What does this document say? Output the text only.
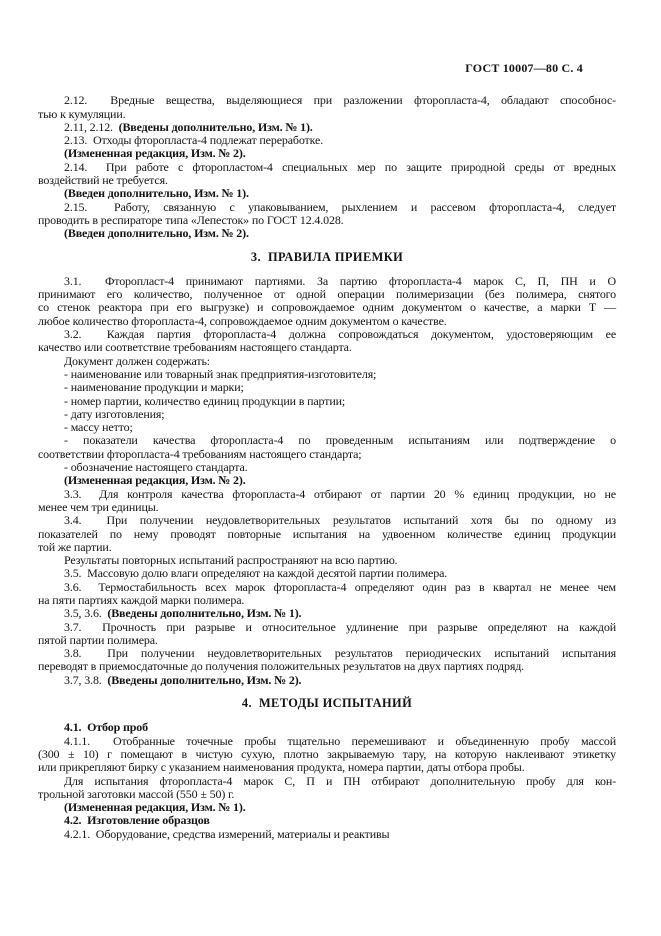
ГОСТ 10007—80 С. 4
2.12.  Вредные вещества, выделяющиеся при разложении фторопласта-4, обладают способнос-
тью к кумуляции.
2.11, 2.12.  (Введены дополнительно, Изм. № 1).
2.13.  Отходы фторопласта-4 подлежат переработке.
(Измененная редакция, Изм. № 2).
2.14.  При работе с фторопластом-4 специальных мер по защите природной среды от вредных
воздействий не требуется.
(Введен дополнительно, Изм. № 1).
2.15.  Работу, связанную с упаковыванием, рыхлением и рассевом фторопласта-4, следует
проводить в респираторе типа «Лепесток» по ГОСТ 12.4.028.
(Введен дополнительно, Изм. № 2).
3.  ПРАВИЛА ПРИЕМКИ
3.1.  Фторопласт-4 принимают партиями. За партию фторопласта-4 марок С, П, ПН и О
принимают его количество, полученное от одной операции полимеризации (без полимера, снятого
со стенок реактора при его выгрузке) и сопровождаемое одним документом о качестве, а марки Т —
любое количество фторопласта-4, сопровождаемое одним документом о качестве.
3.2.  Каждая партия фторопласта-4 должна сопровождаться документом, удостоверяющим ее
качество или соответствие требованиям настоящего стандарта.
Документ должен содержать:
- наименование или товарный знак предприятия-изготовителя;
- наименование продукции и марки;
- номер партии, количество единиц продукции в партии;
- дату изготовления;
- массу нетто;
- показатели качества фторопласта-4 по проведенным испытаниям или подтверждение о
соответствии фторопласта-4 требованиям настоящего стандарта;
- обозначение настоящего стандарта.
(Измененная редакция, Изм. № 2).
3.3.  Для контроля качества фторопласта-4 отбирают от партии 20 % единиц продукции, но не
менее чем три единицы.
3.4.  При получении неудовлетворительных результатов испытаний хотя бы по одному из
показателей по нему проводят повторные испытания на удвоенном количестве единиц продукции
той же партии.
Результаты повторных испытаний распространяют на всю партию.
3.5.  Массовую долю влаги определяют на каждой десятой партии полимера.
3.6.  Термостабильность всех марок фторопласта-4 определяют один раз в квартал не менее чем
на пяти партиях каждой марки полимера.
3.5, 3.6.  (Введены дополнительно, Изм. № 1).
3.7.  Прочность при разрыве и относительное удлинение при разрыве определяют на каждой
пятой партии полимера.
3.8.  При получении неудовлетворительных результатов периодических испытаний испытания
переводят в приемосдаточные до получения положительных результатов на двух партиях подряд.
3.7, 3.8.  (Введены дополнительно, Изм. № 2).
4.  МЕТОДЫ ИСПЫТАНИЙ
4.1.  Отбор проб
4.1.1.  Отобранные точечные пробы тщательно перемешивают и объединенную пробу массой
(300 ± 10) г помещают в чистую сухую, плотно закрываемую тару, на которую наклеивают этикетку
или прикрепляют бирку с указанием наименования продукта, номера партии, даты отбора пробы.
Для испытания фторопласта-4 марок С, П и ПН отбирают дополнительную пробу для кон-
трольной заготовки массой (550 ± 50) г.
(Измененная редакция, Изм. № 1).
4.2.  Изготовление образцов
4.2.1.  Оборудование, средства измерений, материалы и реактивы
